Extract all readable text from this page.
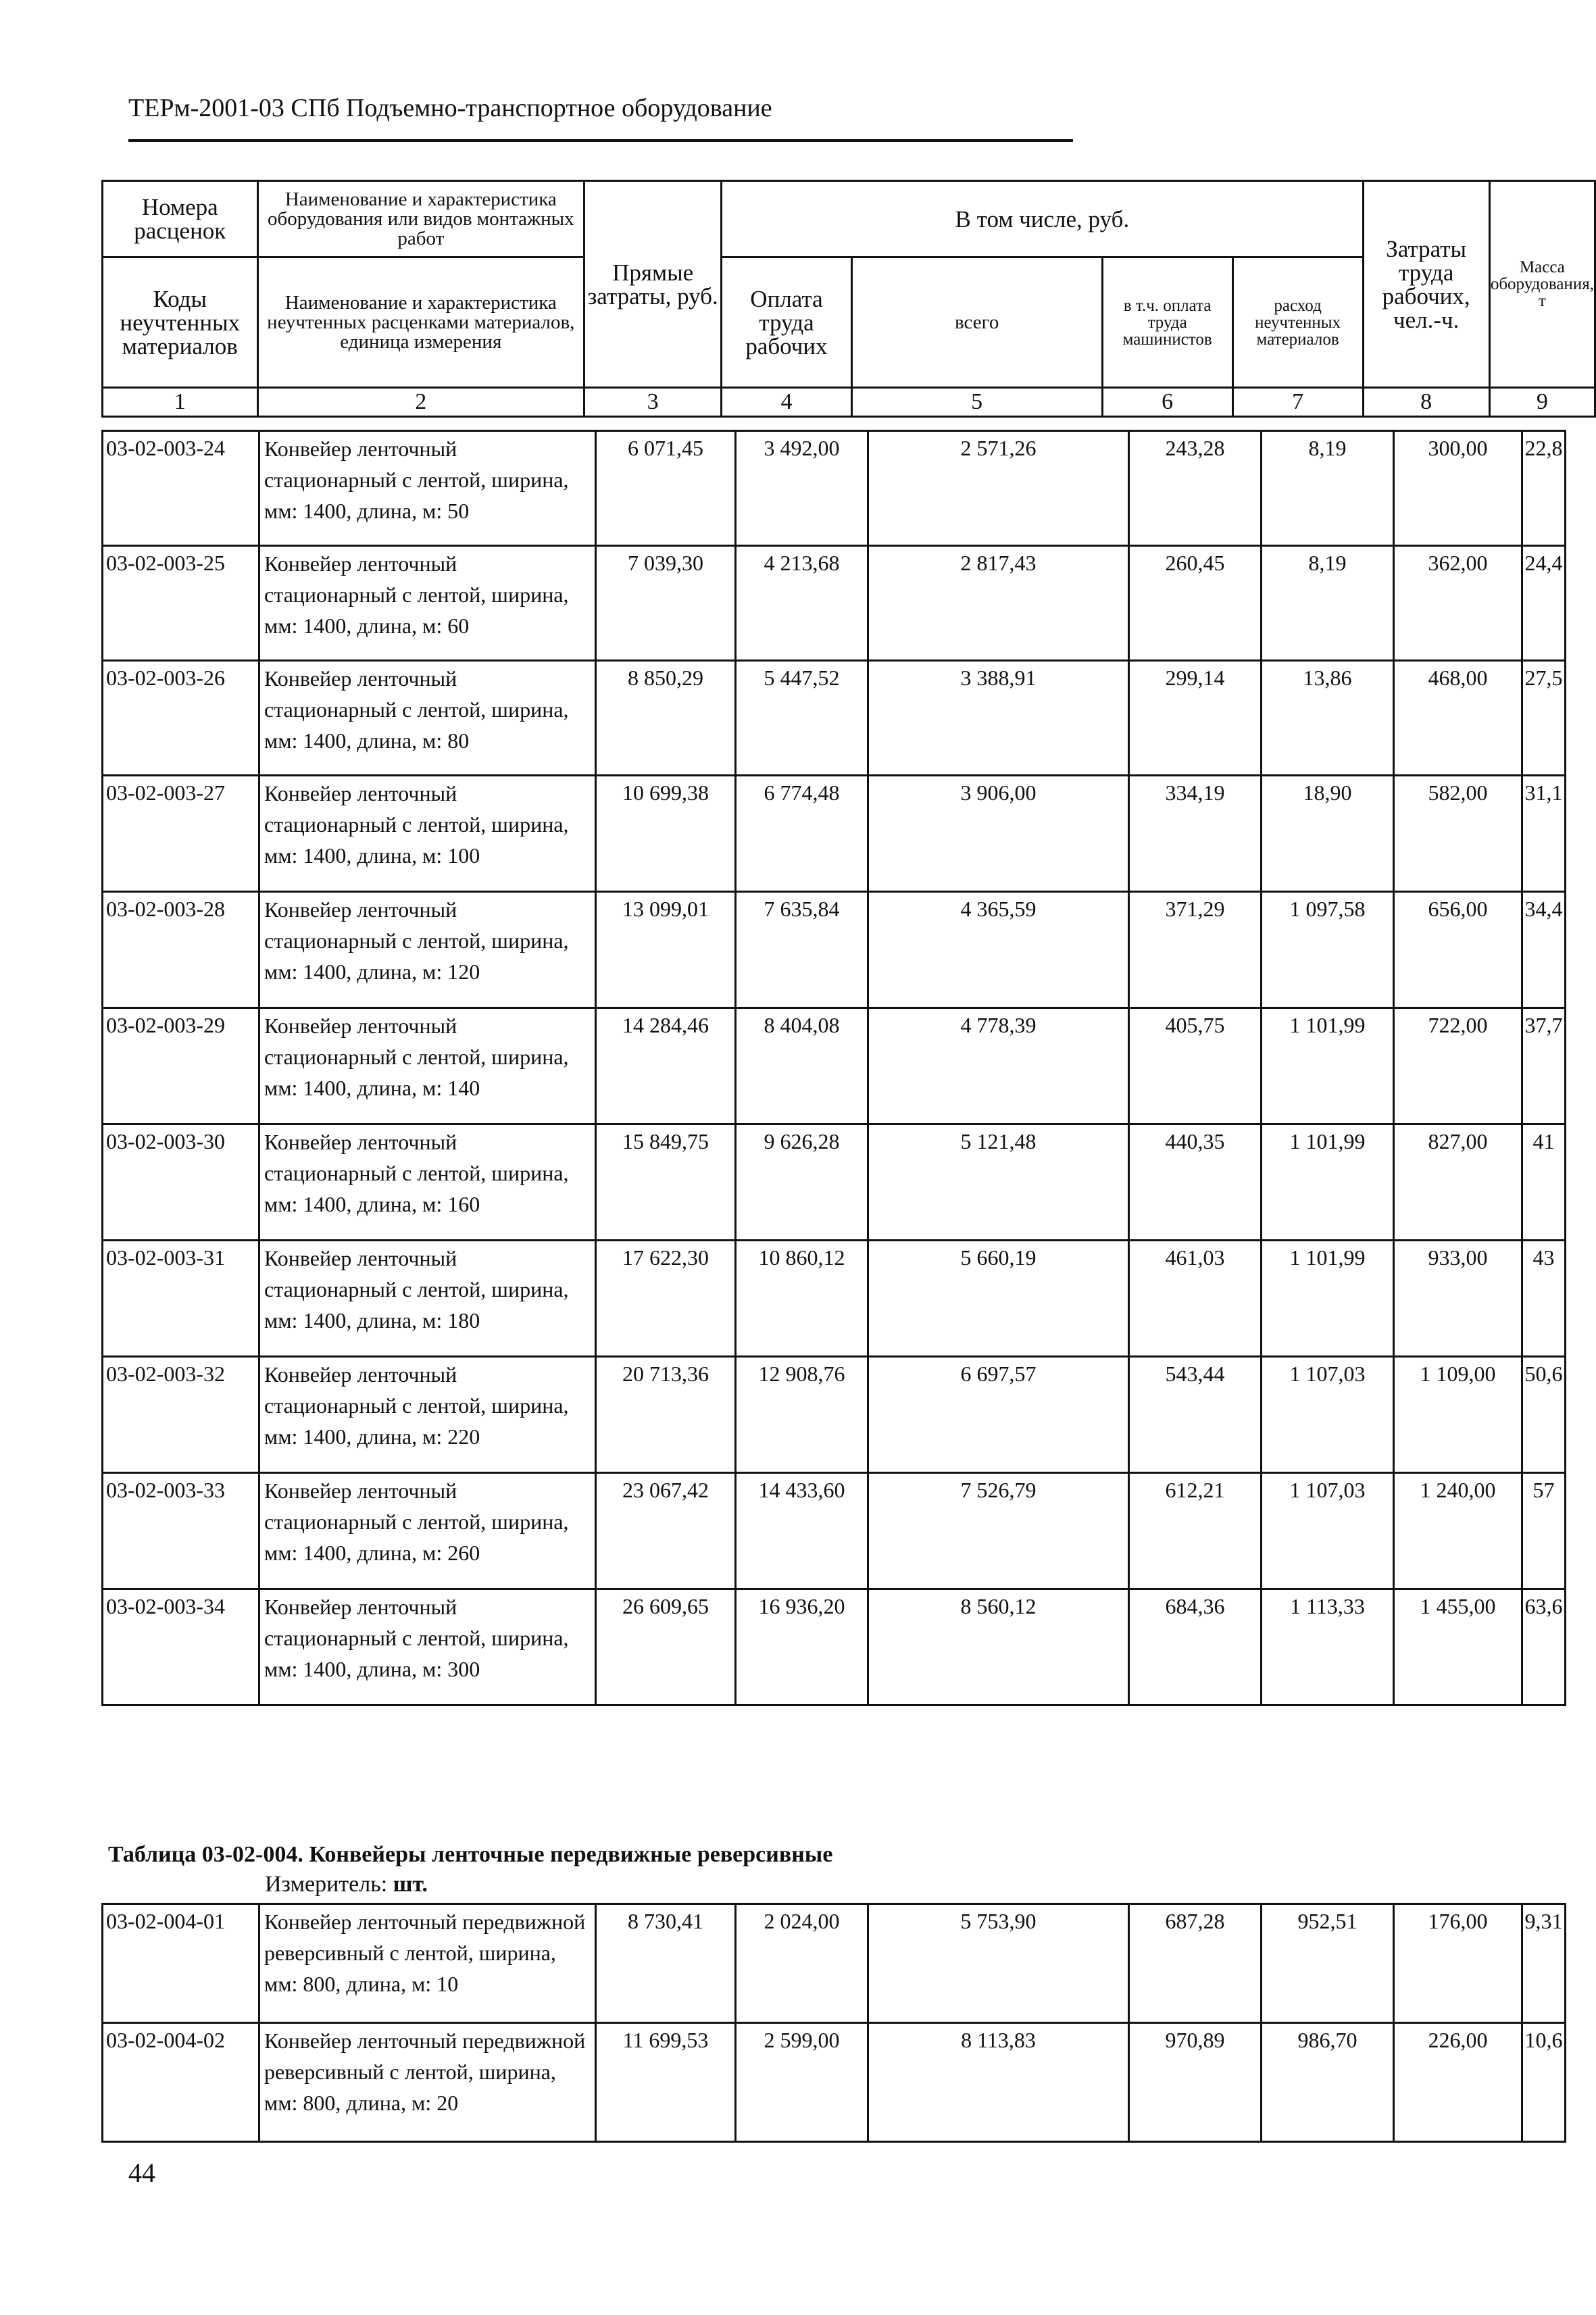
ТЕРм-2001-03 СПб Подъемно-транспортное оборудование
Номера расценок	Наименование и характеристика оборудования или видов монтажных работ	Прямые затраты, руб.	В том числе, руб.				Затраты труда рабочих, чел.-ч.	Масса оборудования, т
Коды неучтенных материалов	Наименование и характеристика неучтенных расценками материалов, единица измерения		Оплата труда рабочих	всего	в т.ч. оплата труда машинистов	расход неучтенных материалов		
1	2	3	4	5	6	7	8	9
03-02-003-24	Конвейер ленточный стационарный с лентой, ширина, мм: 1400, длина, м: 50	6 071,45	3 492,00	2 571,26	243,28	8,19	300,00	22,8
03-02-003-25	Конвейер ленточный стационарный с лентой, ширина, мм: 1400, длина, м: 60	7 039,30	4 213,68	2 817,43	260,45	8,19	362,00	24,4
03-02-003-26	Конвейер ленточный стационарный с лентой, ширина, мм: 1400, длина, м: 80	8 850,29	5 447,52	3 388,91	299,14	13,86	468,00	27,5
03-02-003-27	Конвейер ленточный стационарный с лентой, ширина, мм: 1400, длина, м: 100	10 699,38	6 774,48	3 906,00	334,19	18,90	582,00	31,1
03-02-003-28	Конвейер ленточный стационарный с лентой, ширина, мм: 1400, длина, м: 120	13 099,01	7 635,84	4 365,59	371,29	1 097,58	656,00	34,4
03-02-003-29	Конвейер ленточный стационарный с лентой, ширина, мм: 1400, длина, м: 140	14 284,46	8 404,08	4 778,39	405,75	1 101,99	722,00	37,7
03-02-003-30	Конвейер ленточный стационарный с лентой, ширина, мм: 1400, длина, м: 160	15 849,75	9 626,28	5 121,48	440,35	1 101,99	827,00	41
03-02-003-31	Конвейер ленточный стационарный с лентой, ширина, мм: 1400, длина, м: 180	17 622,30	10 860,12	5 660,19	461,03	1 101,99	933,00	43
03-02-003-32	Конвейер ленточный стационарный с лентой, ширина, мм: 1400, длина, м: 220	20 713,36	12 908,76	6 697,57	543,44	1 107,03	1 109,00	50,6
03-02-003-33	Конвейер ленточный стационарный с лентой, ширина, мм: 1400, длина, м: 260	23 067,42	14 433,60	7 526,79	612,21	1 107,03	1 240,00	57
03-02-003-34	Конвейер ленточный стационарный с лентой, ширина, мм: 1400, длина, м: 300	26 609,65	16 936,20	8 560,12	684,36	1 113,33	1 455,00	63,6
Таблица 03-02-004. Конвейеры ленточные передвижные реверсивные
Измеритель: шт.
03-02-004-01	Конвейер ленточный передвижной реверсивный с лентой, ширина, мм: 800, длина, м: 10	8 730,41	2 024,00	5 753,90	687,28	952,51	176,00	9,31
03-02-004-02	Конвейер ленточный передвижной реверсивный с лентой, ширина, мм: 800, длина, м: 20	11 699,53	2 599,00	8 113,83	970,89	986,70	226,00	10,6
44
